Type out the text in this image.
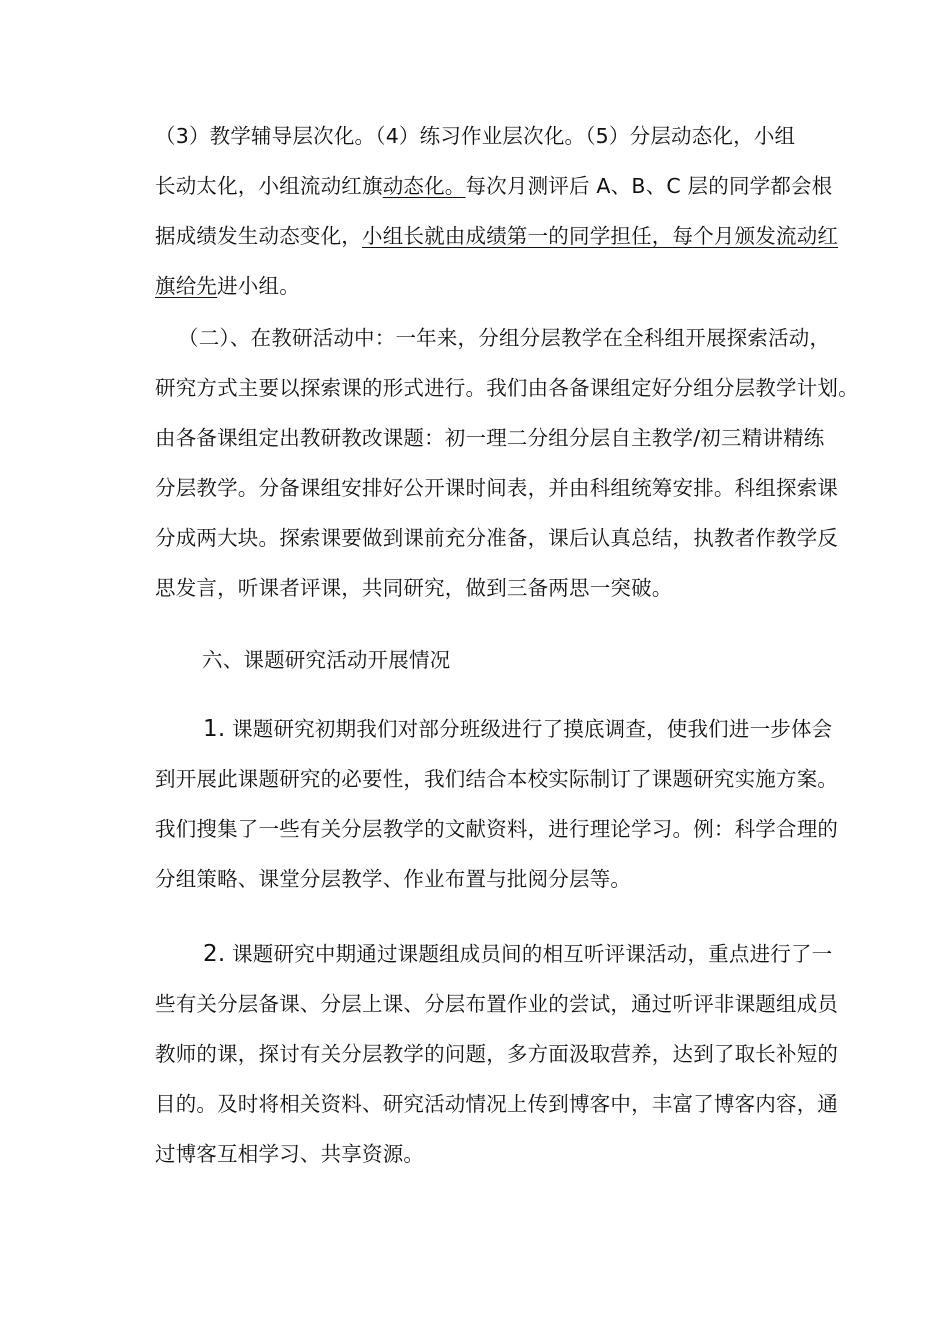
（3）教学辅导层次化。（4）练习作业层次化。（5）分层动态化，小组
长动太化，小组流动红旗动态化。每次月测评后 A、B、C 层的同学都会根
据成绩发生动态变化，小组长就由成绩第一的同学担任，每个月颁发流动红
旗给先进小组。
（二）、在教研活动中：一年来，分组分层教学在全科组开展探索活动，
研究方式主要以探索课的形式进行。我们由各备课组定好分组分层教学计划。
由各备课组定出教研教改课题：初一理二分组分层自主教学/初三精讲精练
分层教学。分备课组安排好公开课时间表，并由科组统筹安排。科组探索课
分成两大块。探索课要做到课前充分准备，课后认真总结，执教者作教学反
思发言，听课者评课，共同研究，做到三备两思一突破。
六、课题研究活动开展情况
1. 课题研究初期我们对部分班级进行了摸底调查，使我们进一步体会
到开展此课题研究的必要性，我们结合本校实际制订了课题研究实施方案。
我们搜集了一些有关分层教学的文献资料，进行理论学习。例：科学合理的
分组策略、课堂分层教学、作业布置与批阅分层等。
2. 课题研究中期通过课题组成员间的相互听评课活动，重点进行了一
些有关分层备课、分层上课、分层布置作业的尝试，通过听评非课题组成员
教师的课，探讨有关分层教学的问题，多方面汲取营养，达到了取长补短的
目的。及时将相关资料、研究活动情况上传到博客中，丰富了博客内容，通
过博客互相学习、共享资源。
